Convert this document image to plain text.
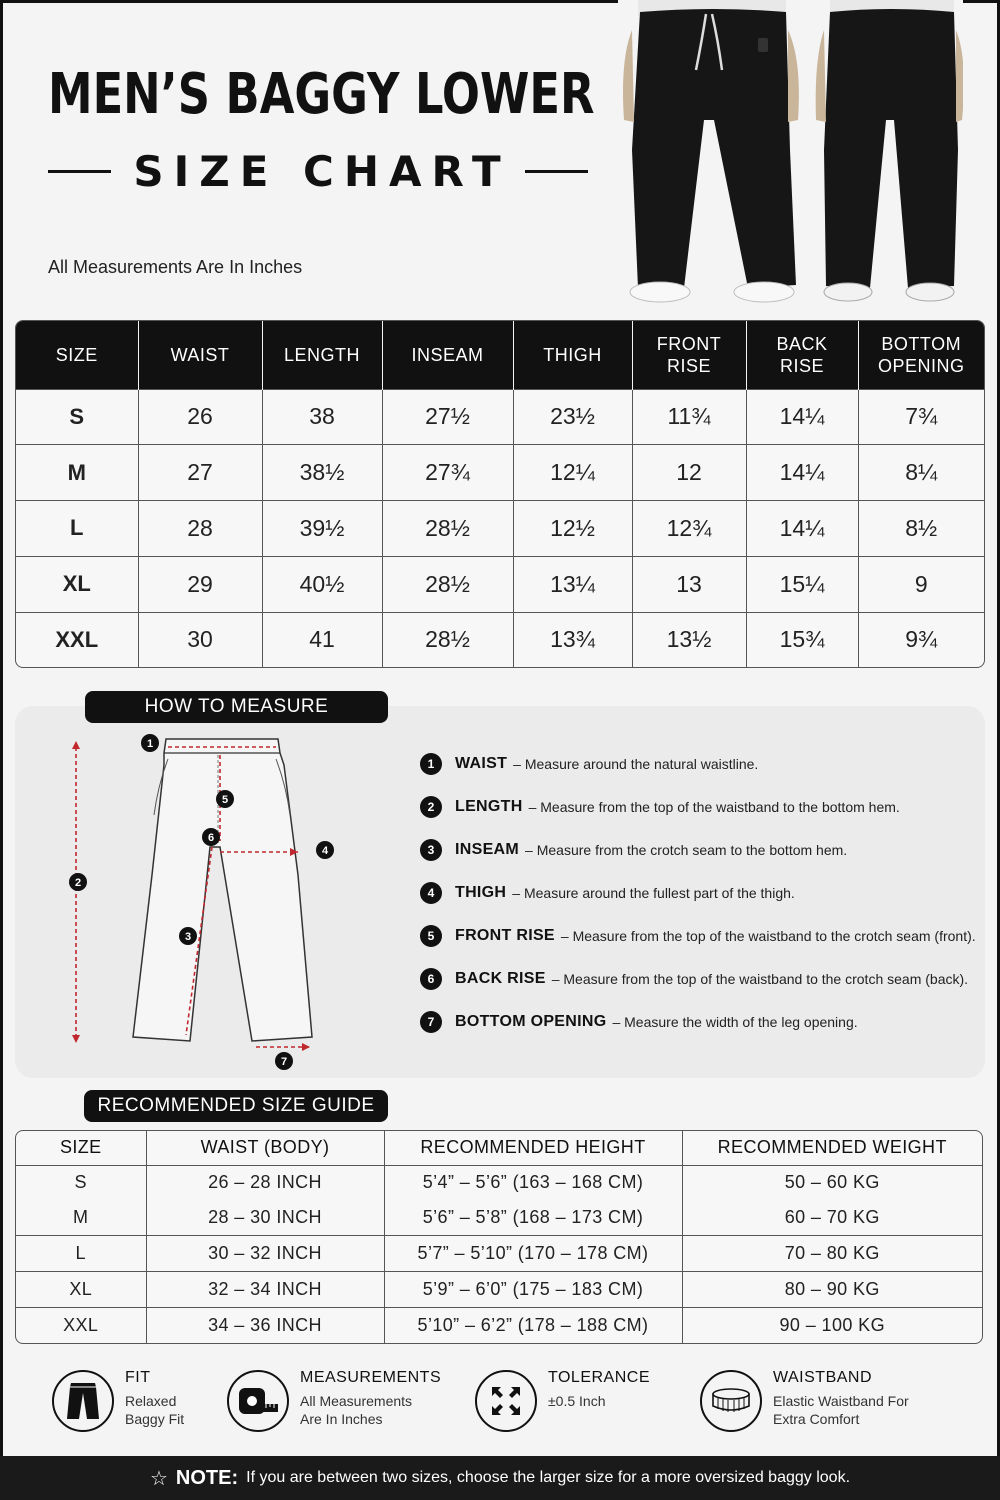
MEN’S BAGGY LOWER
SIZE CHART
All Measurements Are In Inches
SIZE	WAIST	LENGTH	INSEAM	THIGH	FRONT RISE	BACK RISE	BOTTOM OPENING
S	26	38	27½	23½	11¾	14¼	7¾
M	27	38½	27¾	12¼	12	14¼	8¼
L	28	39½	28½	12½	12¾	14¼	8½
XL	29	40½	28½	13¼	13	15¼	9
XXL	30	41	28½	13¾	13½	15¾	9¾
HOW TO MEASURE
1
2
3
4
5
6
7
1	WAIST – Measure around the natural waistline.
2	LENGTH – Measure from the top of the waistband to the bottom hem.
3	INSEAM – Measure from the crotch seam to the bottom hem.
4	THIGH – Measure around the fullest part of the thigh.
5	FRONT RISE – Measure from the top of the waistband to the crotch seam (front).
6	BACK RISE – Measure from the top of the waistband to the crotch seam (back).
7	BOTTOM OPENING – Measure the width of the leg opening.
RECOMMENDED SIZE GUIDE
SIZE	WAIST (BODY)	RECOMMENDED HEIGHT	RECOMMENDED WEIGHT
S	26 – 28 INCH	5’4” – 5’6” (163 – 168 CM)	50 – 60 KG
M	28 – 30 INCH	5’6” – 5’8” (168 – 173 CM)	60 – 70 KG
L	30 – 32 INCH	5’7” – 5’10” (170 – 178 CM)	70 – 80 KG
XL	32 – 34 INCH	5’9” – 6’0” (175 – 183 CM)	80 – 90 KG
XXL	34 – 36 INCH	5’10” – 6’2” (178 – 188 CM)	90 – 100 KG
FIT
Relaxed
Baggy Fit
MEASUREMENTS
All Measurements
Are In Inches
TOLERANCE
±0.5 Inch
WAISTBAND
Elastic Waistband For
Extra Comfort
☆ NOTE: If you are between two sizes, choose the larger size for a more oversized baggy look.
